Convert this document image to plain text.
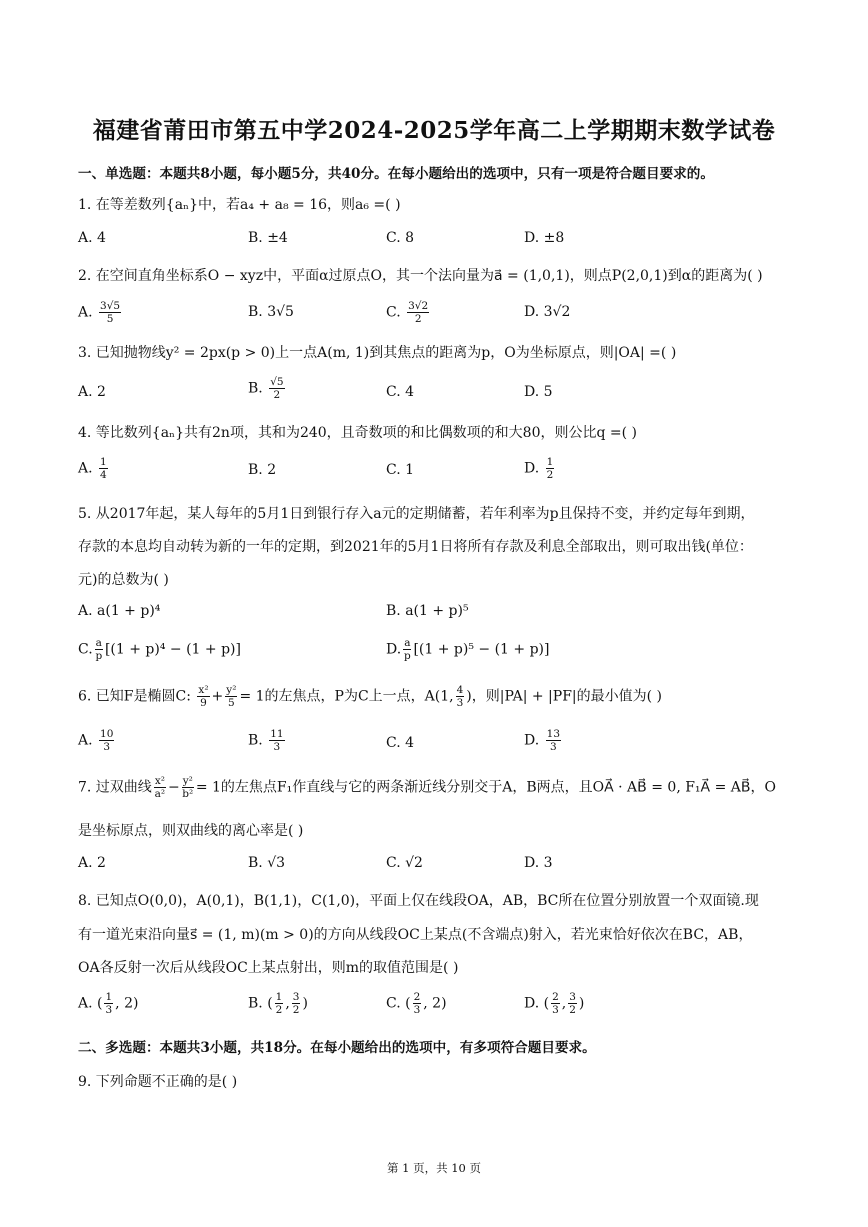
福建省莆田市第五中学2024-2025学年高二上学期期末数学试卷
一、单选题：本题共8小题，每小题5分，共40分。在每小题给出的选项中，只有一项是符合题目要求的。
1. 在等差数列{aₙ}中，若a₄ + a₈ = 16，则a₆ =( )
A. 4	B. ±4	C. 8	D. ±8
2. 在空间直角坐标系O − xyz中，平面α过原点O，其一个法向量为a⃗ = (1,0,1)，则点P(2,0,1)到α的距离为( )
A. $\frac{3√5}{5}$	B. 3√5	C. $\frac{3√2}{2}$	D. 3√2
3. 已知抛物线y² = 2px(p > 0)上一点A(m, 1)到其焦点的距离为p，O为坐标原点，则|OA| =( )
A. 2	B. $\frac{√5}{2}$	C. 4	D. 5
4. 等比数列{aₙ}共有2n项，其和为240，且奇数项的和比偶数项的和大80，则公比q =( )
A. $\frac{1}{4}$	B. 2	C. 1	D. $\frac{1}{2}$
5. 从2017年起，某人每年的5月1日到银行存入a元的定期储蓄，若年利率为p且保持不变，并约定每年到期，
存款的本息均自动转为新的一年的定期，到2021年的5月1日将所有存款及利息全部取出，则可取出钱(单位：
元)的总数为( )
A. a(1 + p)⁴	B. a(1 + p)⁵
C. $\frac{a}{p} [(1 + p)^4 - (1 + p)]$	D. $\frac{a}{p} [(1 + p)^5 - (1 + p)]$
6. 已知F是椭圆C: $\frac{\text{x²}}{9} + \frac{\text{y²}}{5} = 1$的左焦点，P为C上一点，A(1, $\frac{4}{3}$ )，则|PA| + |PF|的最小值为( )
A. $\frac{10}{3}$	B. $\frac{11}{3}$	C. 4	D. $\frac{13}{3}$
7. 过双曲线 $\frac{\text{x²}}{\text{a²}} - \frac{\text{y²}}{\text{b²}} = 1$的左焦点F₁作直线与它的两条渐近线分别交于A，B两点，且OA⃗ · AB⃗ = 0, F₁A⃗ = AB⃗，O
是坐标原点，则双曲线的离心率是( )
A. 2	B. √3	C. √2	D. 3
8. 已知点O(0,0)，A(0,1)，B(1,1)，C(1,0)，平面上仅在线段OA，AB，BC所在位置分别放置一个双面镜.现
有一道光束沿向量s⃗ = (1, m)(m > 0)的方向从线段OC上某点(不含端点)射入，若光束恰好依次在BC，AB，
OA各反射一次后从线段OC上某点射出，则m的取值范围是( )
A. ( $\frac{1}{3}$ , 2)	B. ( $\frac{1}{2}$ , $\frac{3}{2}$ )	C. ( $\frac{2}{3}$ , 2)	D. ( $\frac{2}{3}$ , $\frac{3}{2}$ )
二、多选题：本题共3小题，共18分。在每小题给出的选项中，有多项符合题目要求。
9. 下列命题不正确的是( )
第 1 页，共 10 页
